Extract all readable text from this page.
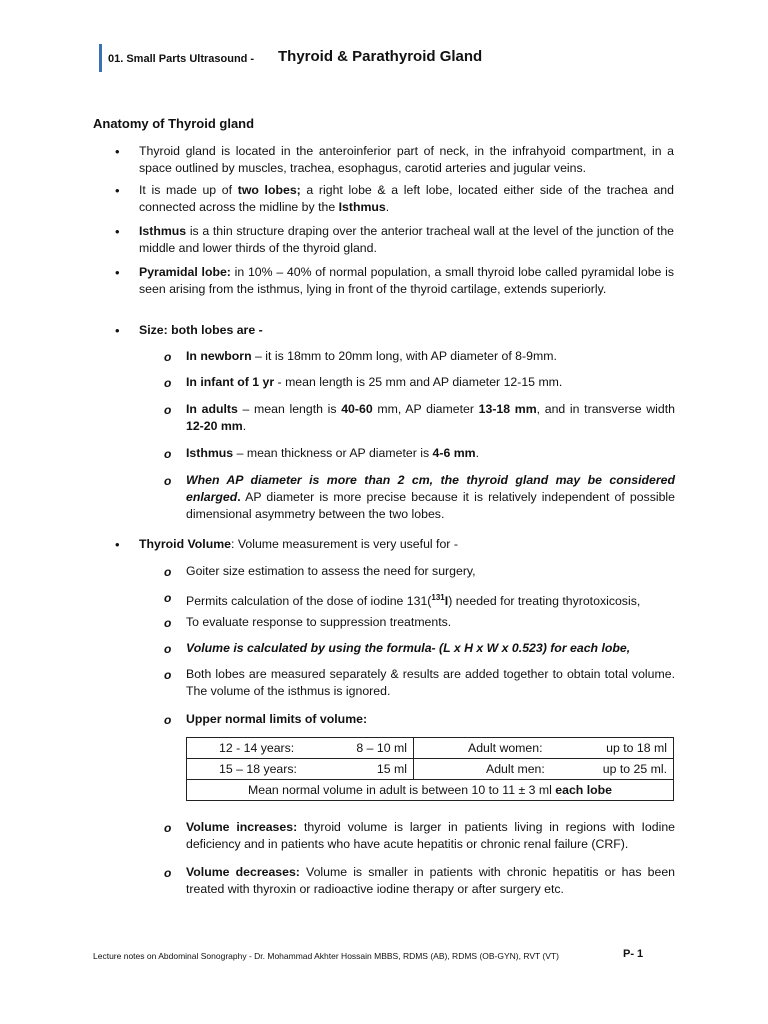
01. Small Parts Ultrasound - Thyroid & Parathyroid Gland
Anatomy of Thyroid gland
• Thyroid gland is located in the anteroinferior part of neck, in the infrahyoid compartment, in a space outlined by muscles, trachea, esophagus, carotid arteries and jugular veins.
• It is made up of two lobes; a right lobe & a left lobe, located either side of the trachea and connected across the midline by the Isthmus.
• Isthmus is a thin structure draping over the anterior tracheal wall at the level of the junction of the middle and lower thirds of the thyroid gland.
• Pyramidal lobe: in 10% – 40% of normal population, a small thyroid lobe called pyramidal lobe is seen arising from the isthmus, lying in front of the thyroid cartilage, extends superiorly.
• Size: both lobes are -
o In newborn – it is 18mm to 20mm long, with AP diameter of 8-9mm.
o In infant of 1 yr - mean length is 25 mm and AP diameter 12-15 mm.
o In adults – mean length is 40-60 mm, AP diameter 13-18 mm, and in transverse width 12-20 mm.
o Isthmus – mean thickness or AP diameter is 4-6 mm.
o When AP diameter is more than 2 cm, the thyroid gland may be considered enlarged. AP diameter is more precise because it is relatively independent of possible dimensional asymmetry between the two lobes.
• Thyroid Volume: Volume measurement is very useful for -
o Goiter size estimation to assess the need for surgery,
o Permits calculation of the dose of iodine 131($^{131}$I) needed for treating thyrotoxicosis,
o To evaluate response to suppression treatments.
o Volume is calculated by using the formula- (L x H x W x 0.523) for each lobe,
o Both lobes are measured separately & results are added together to obtain total volume. The volume of the isthmus is ignored.
o Upper normal limits of volume:
12 - 14 years: 8 – 10 ml	Adult women: up to 18 ml

15 – 18 years: 15 ml	Adult men: up to 25 ml.

Mean normal volume in adult is between 10 to 11 ± 3 ml each lobe	
o Volume increases: thyroid volume is larger in patients living in regions with Iodine deficiency and in patients who have acute hepatitis or chronic renal failure (CRF).
o Volume decreases: Volume is smaller in patients with chronic hepatitis or has been treated with thyroxin or radioactive iodine therapy or after surgery etc.
Lecture notes on Abdominal Sonography - Dr. Mohammad Akhter Hossain MBBS, RDMS (AB), RDMS (OB-GYN), RVT (VT)	P- 1
